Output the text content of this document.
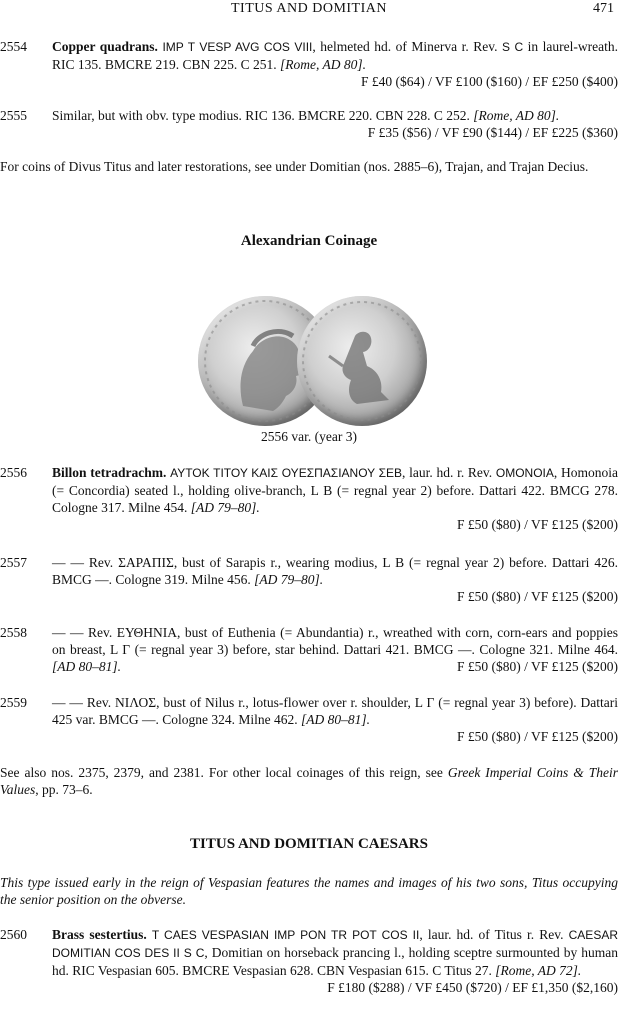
TITUS AND DOMITIAN	471
2554	Copper quadrans. IMP T VESP AVG COS VIII, helmeted hd. of Minerva r. Rev. S C in laurel-wreath. RIC 135. BMCRE 219. CBN 225. C 251. [Rome, AD 80].
F £40 ($64) / VF £100 ($160) / EF £250 ($400)
2555	Similar, but with obv. type modius. RIC 136. BMCRE 220. CBN 228. C 252. [Rome, AD 80].
F £35 ($56) / VF £90 ($144) / EF £225 ($360)
For coins of Divus Titus and later restorations, see under Domitian (nos. 2885–6), Trajan, and Trajan Decius.
Alexandrian Coinage
2556 var. (year 3)
2556	Billon tetradrachm. ΑΥΤΟΚ ΤΙΤΟΥ ΚΑΙΣ ΟΥΕΣΠΑΣΙΑΝΟΥ ΣΕΒ, laur. hd. r. Rev. OMONOIA, Homonoia (= Concordia) seated l., holding olive-branch, L B (= regnal year 2) before. Dattari 422. BMCG 278. Cologne 317. Milne 454. [AD 79–80].
F £50 ($80) / VF £125 ($200)
2557	— — Rev. ΣΑΡΑΠΙΣ, bust of Sarapis r., wearing modius, L B (= regnal year 2) before. Dattari 426. BMCG —. Cologne 319. Milne 456. [AD 79–80].
F £50 ($80) / VF £125 ($200)
2558	— — Rev. ΕΥΘΗΝΙΑ, bust of Euthenia (= Abundantia) r., wreathed with corn, corn-ears and poppies on breast, L Γ (= regnal year 3) before, star behind. Dattari 421. BMCG —. Cologne 321. Milne 464. [AD 80–81].	F £50 ($80) / VF £125 ($200)
2559	— — Rev. ΝΙΛΟΣ, bust of Nilus r., lotus-flower over r. shoulder, L Γ (= regnal year 3) before). Dattari 425 var. BMCG —. Cologne 324. Milne 462. [AD 80–81].
F £50 ($80) / VF £125 ($200)
See also nos. 2375, 2379, and 2381. For other local coinages of this reign, see Greek Imperial Coins & Their Values, pp. 73–6.
TITUS AND DOMITIAN CAESARS
This type issued early in the reign of Vespasian features the names and images of his two sons, Titus occupying the senior position on the obverse.
2560	Brass sestertius. T CAES VESPASIAN IMP PON TR POT COS II, laur. hd. of Titus r. Rev. CAESAR DOMITIAN COS DES II S C, Domitian on horseback prancing l., holding sceptre surmounted by human hd. RIC Vespasian 605. BMCRE Vespasian 628. CBN Vespasian 615. C Titus 27. [Rome, AD 72].
F £180 ($288) / VF £450 ($720) / EF £1,350 ($2,160)
